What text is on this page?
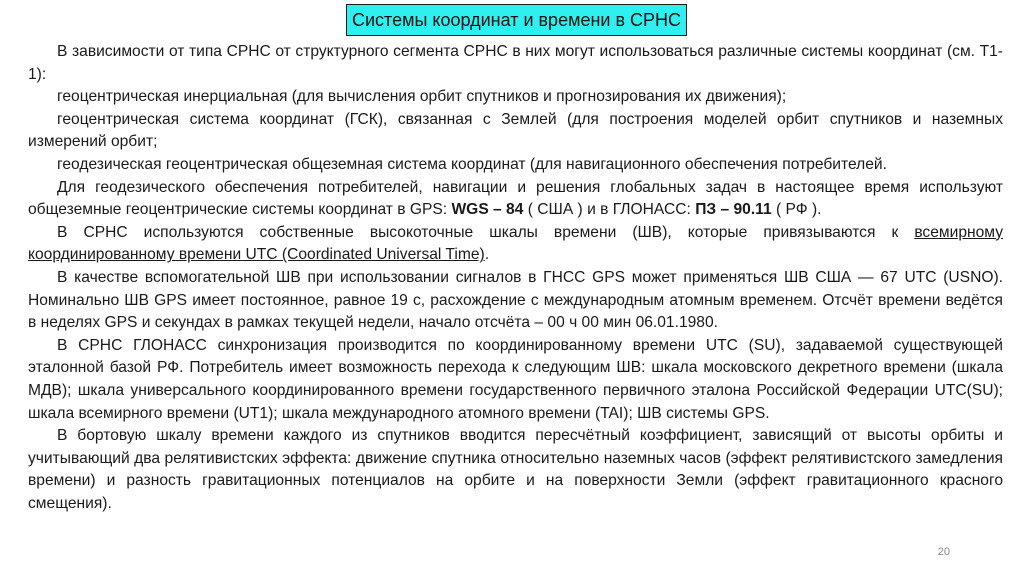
Системы координат и времени в СРНС

В зависимости от типа СРНС от структурного сегмента СРНС в них могут использоваться различные системы координат (см. Т1-1):

геоцентрическая инерциальная (для вычисления орбит спутников и прогнозирования их движения);

геоцентрическая система координат (ГСК), связанная с Землей (для построения моделей орбит спутников и наземных измерений орбит;

геодезическая геоцентрическая общеземная система координат (для навигационного обеспечения потребителей.

Для геодезического обеспечения потребителей, навигации и решения глобальных задач в настоящее время используют общеземные геоцентрические системы координат в GPS: WGS – 84 ( США ) и в ГЛОНАСС: ПЗ – 90.11 ( РФ ).

В СРНС используются собственные высокоточные шкалы времени (ШВ), которые привязываются к всемирному координированному времени UTC (Coordinated Universal Time).

В качестве вспомогательной ШВ при использовании сигналов в ГНСС GPS может применяться ШВ США — 67 UTC (USNO). Номинально ШВ GPS имеет постоянное, равное 19 с, расхождение с международным атомным временем. Отсчёт времени ведётся в неделях GPS и секундах в рамках текущей недели, начало отсчёта – 00 ч 00 мин 06.01.1980.

В СРНС ГЛОНАСС синхронизация производится по координированному времени UTC (SU), задаваемой существующей эталонной базой РФ. Потребитель имеет возможность перехода к следующим ШВ: шкала московского декретного времени (шкала МДВ); шкала универсального координированного времени государственного первичного эталона Российской Федерации UTC(SU); шкала всемирного времени (UT1); шкала международного атомного времени (TAI); ШВ системы GPS.

В бортовую шкалу времени каждого из спутников вводится пересчётный коэффициент, зависящий от высоты орбиты и учитывающий два релятивистских эффекта: движение спутника относительно наземных часов (эффект релятивистского замедления времени) и разность гравитационных потенциалов на орбите и на поверхности Земли (эффект гравитационного красного смещения).

20
